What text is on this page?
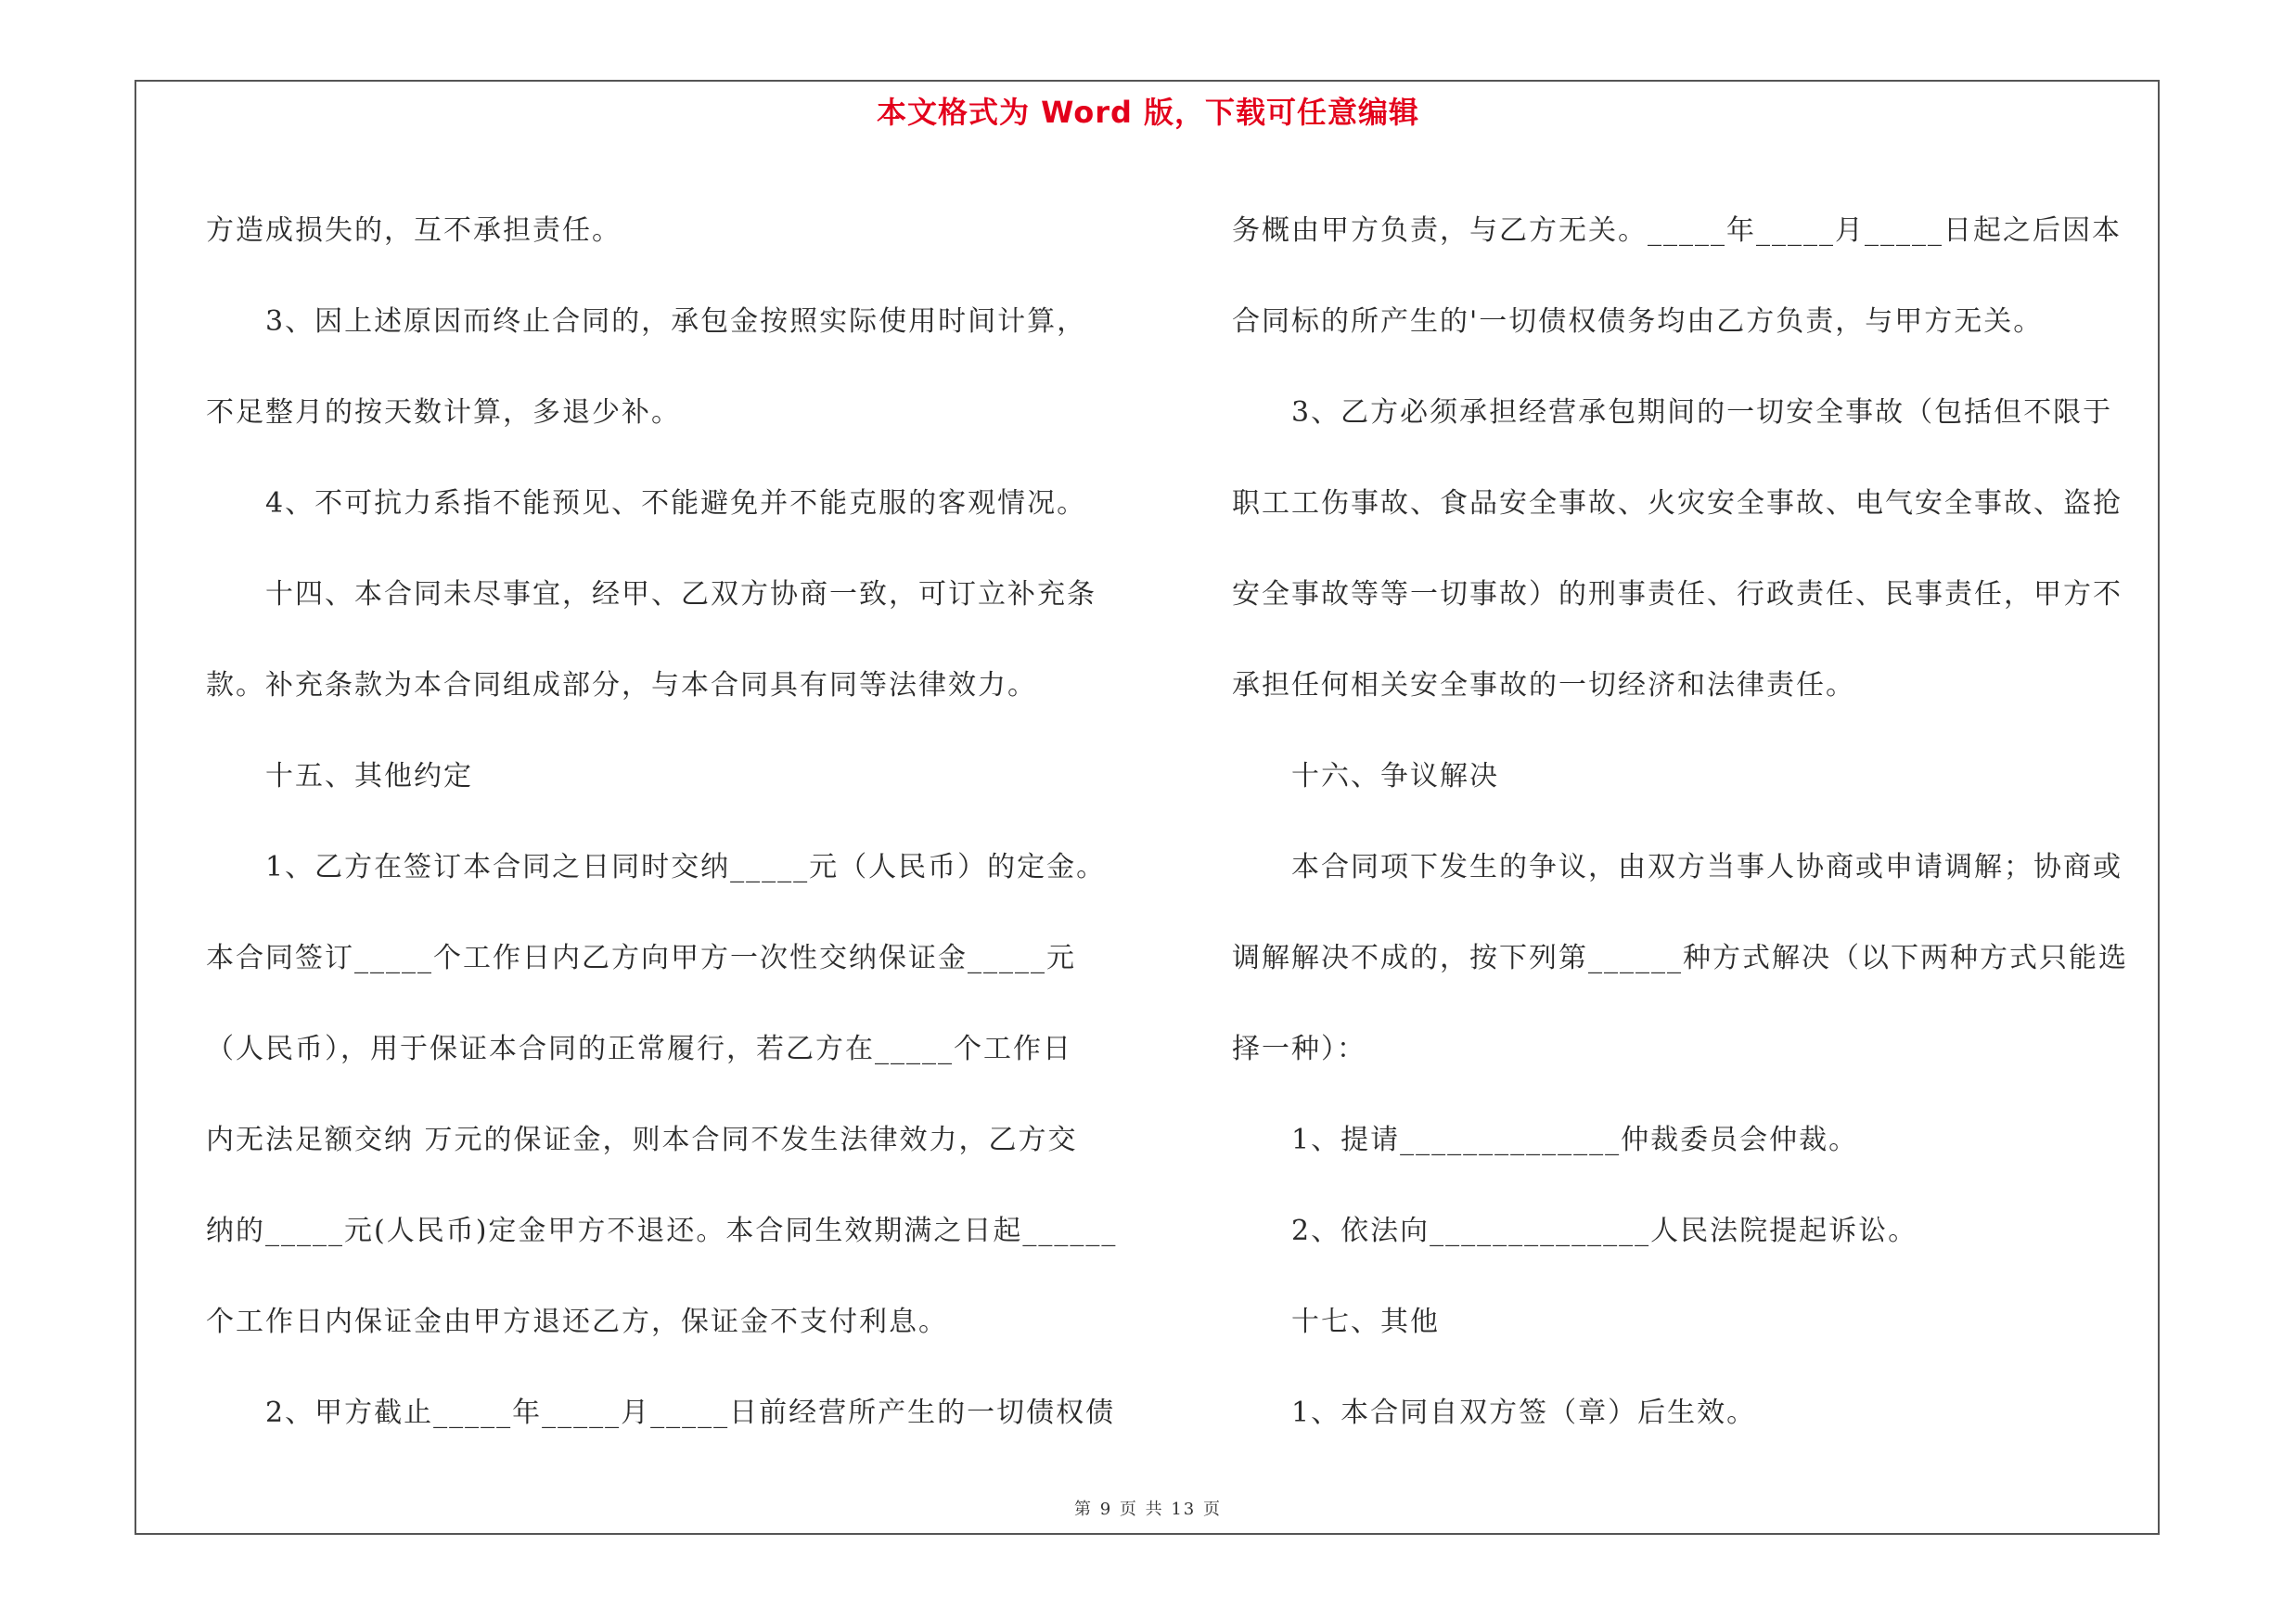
本文格式为 Word 版，下载可任意编辑
方造成损失的，互不承担责任。
3、因上述原因而终止合同的，承包金按照实际使用时间计算，
不足整月的按天数计算，多退少补。
4、不可抗力系指不能预见、不能避免并不能克服的客观情况。
十四、本合同未尽事宜，经甲、乙双方协商一致，可订立补充条
款。补充条款为本合同组成部分，与本合同具有同等法律效力。
十五、其他约定
1、乙方在签订本合同之日同时交纳_____元（人民币）的定金。
本合同签订_____个工作日内乙方向甲方一次性交纳保证金_____元
（人民币），用于保证本合同的正常履行，若乙方在_____个工作日
内无法足额交纳 万元的保证金，则本合同不发生法律效力，乙方交
纳的_____元(人民币)定金甲方不退还。本合同生效期满之日起______
个工作日内保证金由甲方退还乙方，保证金不支付利息。
2、甲方截止_____年_____月_____日前经营所产生的一切债权债
务概由甲方负责，与乙方无关。_____年_____月_____日起之后因本
合同标的所产生的'一切债权债务均由乙方负责，与甲方无关。
3、乙方必须承担经营承包期间的一切安全事故（包括但不限于
职工工伤事故、食品安全事故、火灾安全事故、电气安全事故、盗抢
安全事故等等一切事故）的刑事责任、行政责任、民事责任，甲方不
承担任何相关安全事故的一切经济和法律责任。
十六、争议解决
本合同项下发生的争议，由双方当事人协商或申请调解；协商或
调解解决不成的，按下列第______种方式解决（以下两种方式只能选
择一种）：
1、提请______________仲裁委员会仲裁。
2、依法向______________人民法院提起诉讼。
十七、其他
1、本合同自双方签（章）后生效。
第 9 页 共 13 页
